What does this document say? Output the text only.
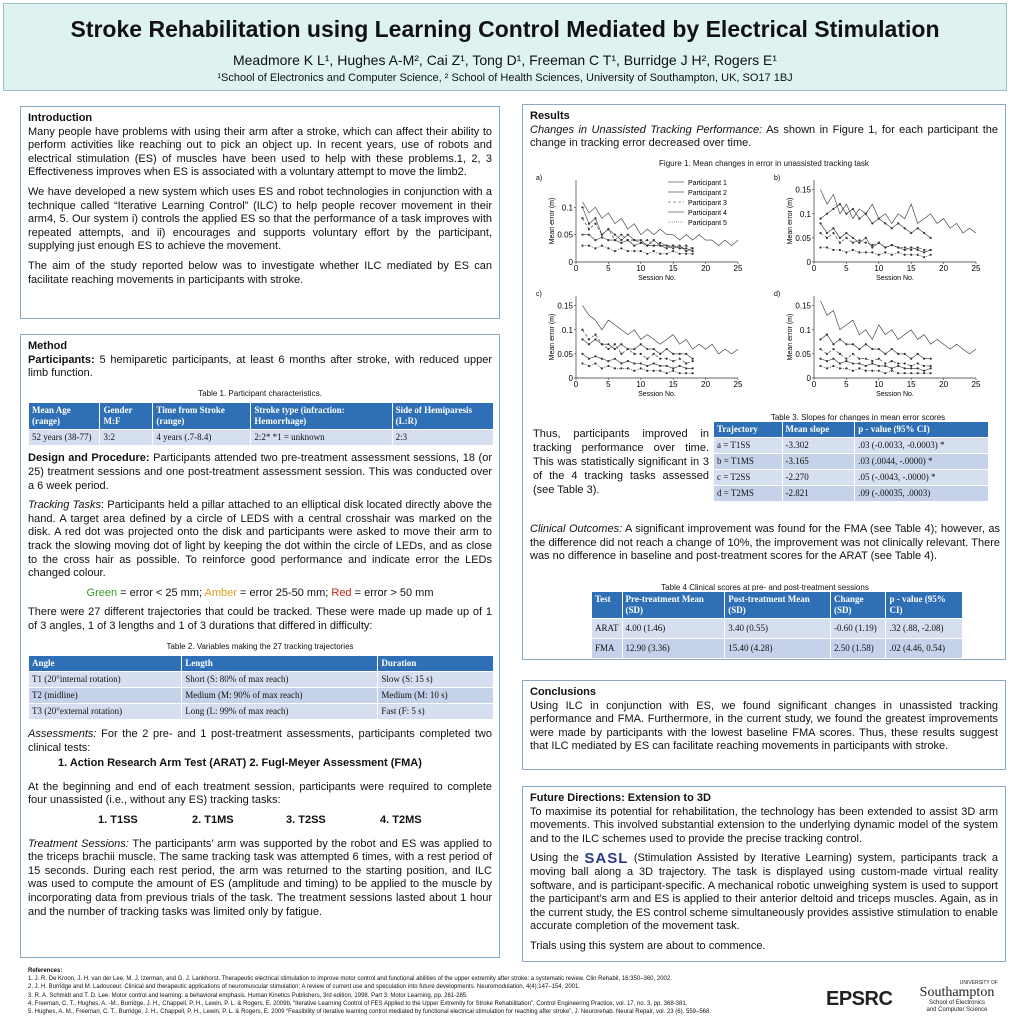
Stroke Rehabilitation using Learning Control Mediated by Electrical Stimulation
Meadmore K L¹, Hughes A-M², Cai Z¹, Tong D¹, Freeman C T¹, Burridge J H², Rogers E¹
¹School of Electronics and Computer Science, ² School of Health Sciences, University of Southampton, UK, SO17 1BJ
Introduction

Many people have problems with using their arm after a stroke, which can affect their ability to perform activities like reaching out to pick an object up. In recent years, use of robots and electrical stimulation (ES) of muscles have been used to help with these problems.1, 2, 3 Effectiveness improves when ES is associated with a voluntary attempt to move the limb2.

We have developed a new system which uses ES and robot technologies in conjunction with a technique called “Iterative Learning Control” (ILC) to help people recover movement in their arm4, 5. Our system i) controls the applied ES so that the performance of a task improves with repeated attempts, and ii) encourages and supports voluntary effort by the participant, supplying just enough ES to achieve the movement.

The aim of the study reported below was to investigate whether ILC mediated by ES can facilitate reaching movements in participants with stroke.

Method

Participants: 5 hemiparetic participants, at least 6 months after stroke, with reduced upper limb function.

Table 1. Participant characteristics.
Mean Age (range)	Gender M:F	Time from Stroke (range)	Stroke type (infraction: Hemorrhage)	Side of Hemiparesis (L:R)
52 years (38-77)	3:2	4 years (.7-8.4)	2:2* *1 = unknown	2:3

Design and Procedure: Participants attended two pre-treatment assessment sessions, 18 (or 25) treatment sessions and one post-treatment assessment session. This was conducted over a 6 week period.

Tracking Tasks: Participants held a pillar attached to an elliptical disk located directly above the hand. A target area defined by a circle of LEDS with a central crosshair was marked on the disk. A red dot was projected onto the disk and participants were asked to move their arm to track the slowing moving dot of light by keeping the dot within the circle of LEDs, and as close to the cross hair as possible. To reinforce good performance and indicate error the LEDs changed colour.

Green = error < 25 mm; Amber = error 25-50 mm; Red = error > 50 mm

There were 27 different trajectories that could be tracked. These were made up made up of 1 of 3 angles, 1 of 3 lengths and 1 of 3 durations that differed in difficulty:

Table 2. Variables making the 27 tracking trajectories
Angle	Length	Duration
T1 (20°internal rotation)	Short (S: 80% of max reach)	Slow (S: 15 s)
T2 (midline)	Medium (M: 90% of max reach)	Medium (M: 10 s)
T3 (20°external rotation)	Long (L: 99% of max reach)	Fast (F: 5 s)

Assessments: For the 2 pre- and 1 post-treatment assessments, participants completed two clinical tests:

1. Action Research Arm Test (ARAT) 2. Fugl-Meyer Assessment (FMA)

At the beginning and end of each treatment session, participants were required to complete four unassisted (i.e., without any ES) tracking tasks:

1. T1SS	2. T1MS	3. T2SS	4. T2MS

Treatment Sessions: The participants’ arm was supported by the robot and ES was applied to the triceps brachii muscle. The same tracking task was attempted 6 times, with a rest period of 15 seconds. During each rest period, the arm was returned to the starting position, and ILC was used to compute the amount of ES (amplitude and timing) to be applied to the muscle by incorporating data from previous trials of the task. The treatment sessions lasted about 1 hour and the number of tracking tasks was limited only by fatigue.

Results

Changes in Unassisted Tracking Performance: As shown in Figure 1, for each participant the change in tracking error decreased over time.

Figure 1. Mean changes in error in unassisted tracking task
a)
0	5	10	15	20	25
0
0.05
0.1
Session No.
Mean error (m)
Participant 1
Participant 2
Participant 3
Participant 4
Participant 5
b)
0	5	10	15	20	25
0
0.05
0.1
0.15
Session No.
Mean error (m)
c)
0	5	10	15	20	25
0
0.05
0.1
0.15
Session No.
Mean error (m)
d)
0	5	10	15	20	25
0
0.05
0.1
0.15
Session No.
Mean error (m)
Thus, participants improved in tracking performance over time. This was statistically significant in 3 of the 4 tracking tasks assessed (see Table 3).
Table 3. Slopes for changes in mean error scores
Trajectory	Mean slope	p - value (95% CI)
a = T1SS	-3.302	.03 (-0.0033, -0.0003) *
b = T1MS	-3.165	.03 (.0044, -.0000) *
c = T2SS	-2.270	.05 (-.0043, -.0000) *
d = T2MS	-2.821	.09 (-.00035, .0003)

Clinical Outcomes: A significant improvement was found for the FMA (see Table 4); however, as the difference did not reach a change of 10%, the improvement was not clinically relevant. There was no difference in baseline and post-treatment scores for the ARAT (see Table 4).

Table 4 Clinical scores at pre- and post-treatment sessions
Test	Pre-treatment Mean (SD)	Post-treatment Mean (SD)	Change (SD)	p - value (95% CI)
ARAT	4.00 (1.46)	3.40 (0.55)	-0.60 (1.19)	.32 (.88, -2.08)
FMA	12.90 (3.36)	15.40 (4.28)	2.50 (1.58)	.02 (4.46, 0.54)
Conclusions

Using ILC in conjunction with ES, we found significant changes in unassisted tracking performance and FMA. Furthermore, in the current study, we found the greatest improvements were made by participants with the lowest baseline FMA scores. Thus, these results suggest that ILC mediated by ES can facilitate reaching movements in participants with stroke.

Future Directions: Extension to 3D

To maximise its potential for rehabilitation, the technology has been extended to assist 3D arm movements. This involved substantial extension to the underlying dynamic model of the system and to the ILC schemes used to provide the precise tracking control.

Using the SASL (Stimulation Assisted by Iterative Learning) system, participants track a moving ball along a 3D trajectory. The task is displayed using custom-made virtual reality software, and is participant-specific. A mechanical robotic unweighing system is used to support the participant’s arm and ES is applied to their anterior deltoid and triceps muscles. Again, as in the current study, the ES control scheme simultaneously provides assistive stimulation to enable accurate completion of the movement task.

Trials using this system are about to commence.

References:
1. J. R. De Kroon, J. H. van der Lee, M. J. Izerman, and G. J. Lankhorst. Therapeutic electrical stimulation to improve motor control and functional abilities of the upper extremity after stroke: a systematic review. Clin Rehabil, 16:350–360, 2002.
2. J. H. Burridge and M. Ladouceur. Clinical and therapeutic applications of neuromuscular stimulation: A review of current use and speculation into future developments. Neuromodulation, 4(4):147–154, 2001.
3. R. A. Schmidt and T. D. Lee. Motor control and learning: a behavioral emphasis. Human Kinetics Publishers, 3rd edition, 1998. Part 3: Motor Learning, pp. 261-285.
4. Freeman, C. T., Hughes, A. -M., Burridge, J. H., Chappell, P. H., Lewin, P. L. & Rogers, E. 2009b, “Iterative Learning Control of FES Applied to the Upper Extremity for Stroke Rehabilitation”, Control Engineering Practice, vol. 17, no. 3, pp. 368-381.
5. Hughes, A. M., Freeman, C. T., Burridge, J. H., Chappell, P. H., Lewin, P. L. & Rogers, E. 2009 “Feasibility of iterative learning control mediated by functional electrical stimulation for reaching after stroke”, J. Neurorehab. Neural Repair, vol. 23 (6). 559–568.
EPSRC
UNIVERSITY OF
Southampton
School of Electronics
and Computer Science
